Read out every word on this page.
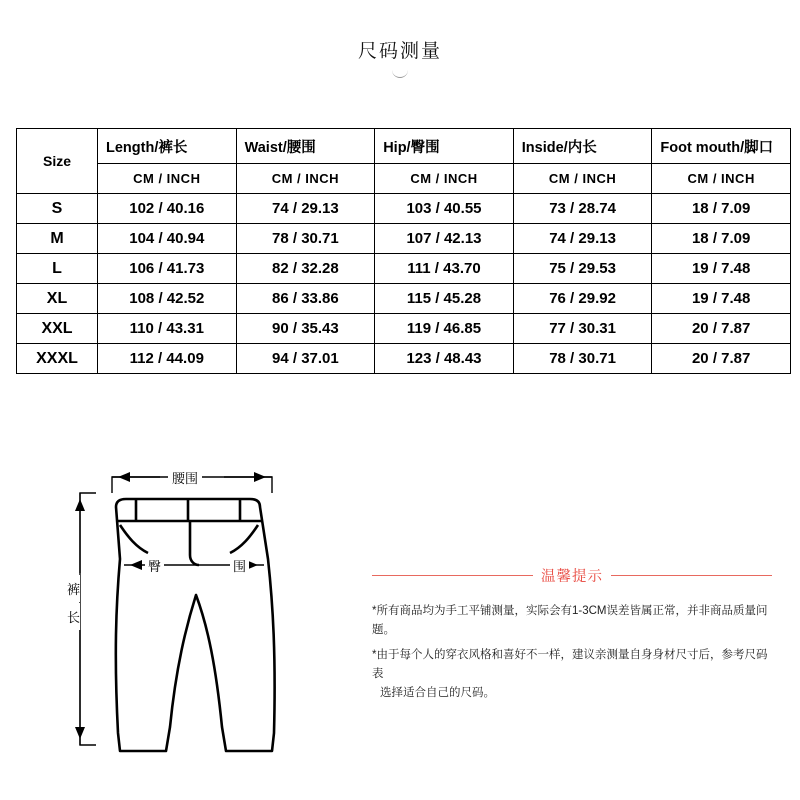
尺码测量
Size	Length/裤长	Waist/腰围	Hip/臀围	Inside/内长	Foot mouth/脚口

	CM / INCH	CM / INCH	CM / INCH	CM / INCH	CM / INCH
S	102 / 40.16	74 / 29.13	103 / 40.55	73 / 28.74	18 / 7.09
M	104 / 40.94	78 / 30.71	107 / 42.13	74 / 29.13	18 / 7.09
L	106 / 41.73	82 / 32.28	111 / 43.70	75 / 29.53	19 / 7.48
XL	108 / 42.52	86 / 33.86	115 / 45.28	76 / 29.92	19 / 7.48
XXL	110 / 43.31	90 / 35.43	119 / 46.85	77 / 30.31	20 / 7.87
XXXL	112 / 44.09	94 / 37.01	123 / 48.43	78 / 30.71	20 / 7.87
腰围
裤
长
臀	围
温馨提示
*所有商品均为手工平铺测量，实际会有1-3CM误差皆属正常，并非商品质量问题。
*由于每个人的穿衣风格和喜好不一样，建议亲测量自身身材尺寸后，参考尺码表
选择适合自己的尺码。
